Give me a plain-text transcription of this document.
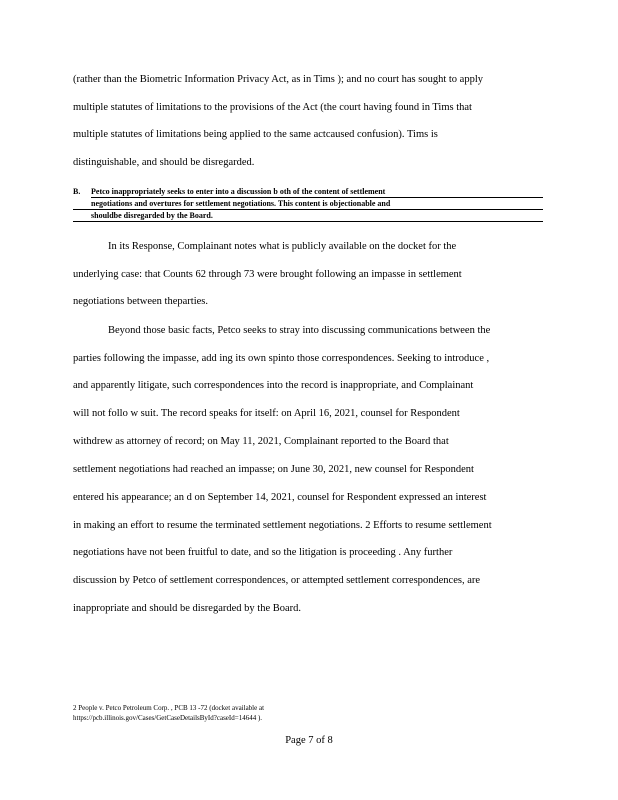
(rather than the Biometric Information Privacy Act, as in Tims ); and no court has sought to apply
multiple statutes of limitations to the provisions of the Act (the court having found in Tims that
multiple statutes of limitations being applied to the same actcaused confusion). Tims is
distinguishable, and should be disregarded.
B.	Petco inappropriately seeks to enter into a discussion b oth of the content of settlement
negotiations and overtures for settlement negotiations. This content is objectionable and
shouldbe disregarded by the Board.
In its Response, Complainant notes what is publicly available on the docket for the
underlying case: that Counts 62 through 73 were brought following an impasse in settlement
negotiations between theparties.
Beyond those basic facts, Petco seeks to stray into discussing communications between the
parties following the impasse, add ing its own spinto those correspondences. Seeking to introduce ,
and apparently litigate, such correspondences into the record is inappropriate, and Complainant
will not follo w suit. The record speaks for itself: on April 16, 2021, counsel for Respondent
withdrew as attorney of record; on May 11, 2021, Complainant reported to the Board that
settlement negotiations had reached an impasse; on June 30, 2021, new counsel for Respondent
entered his appearance; an d on September 14, 2021, counsel for Respondent expressed an interest
in making an effort to resume the terminated settlement negotiations. 2 Efforts to resume settlement
negotiations have not been fruitful to date, and so the litigation is proceeding . Any further
discussion by Petco of settlement correspondences, or attempted settlement correspondences, are
inappropriate and should be disregarded by the Board.
2 People v. Petco Petroleum Corp. , PCB 13 -72 (docket available at
https://pcb.illinois.gov/Cases/GetCaseDetailsById?caseId=14644 ).
Page 7 of 8
